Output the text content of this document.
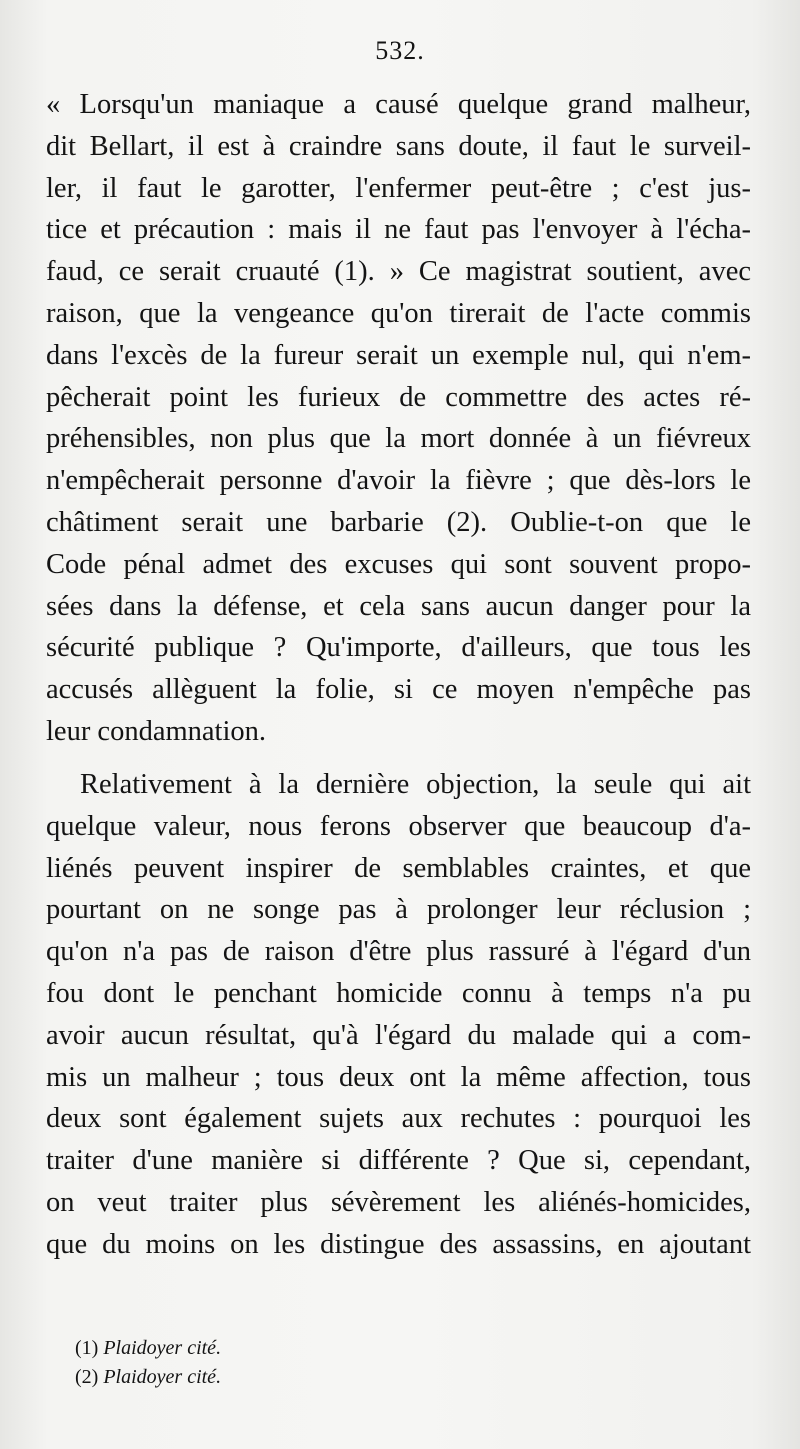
532.

« Lorsqu'un maniaque a causé quelque grand malheur,
dit Bellart, il est à craindre sans doute, il faut le surveil-
ler, il faut le garotter, l'enfermer peut-être ; c'est jus-
tice et précaution : mais il ne faut pas l'envoyer à l'écha-
faud, ce serait cruauté (1). » Ce magistrat soutient, avec
raison, que la vengeance qu'on tirerait de l'acte commis
dans l'excès de la fureur serait un exemple nul, qui n'em-
pêcherait point les furieux de commettre des actes ré-
préhensibles, non plus que la mort donnée à un fiévreux
n'empêcherait personne d'avoir la fièvre ; que dès-lors le
châtiment serait une barbarie (2). Oublie-t-on que le
Code pénal admet des excuses qui sont souvent propo-
sées dans la défense, et cela sans aucun danger pour la
sécurité publique ? Qu'importe, d'ailleurs, que tous les
accusés allèguent la folie, si ce moyen n'empêche pas
leur condamnation.

Relativement à la dernière objection, la seule qui ait
quelque valeur, nous ferons observer que beaucoup d'a-
liénés peuvent inspirer de semblables craintes, et que
pourtant on ne songe pas à prolonger leur réclusion ;
qu'on n'a pas de raison d'être plus rassuré à l'égard d'un
fou dont le penchant homicide connu à temps n'a pu
avoir aucun résultat, qu'à l'égard du malade qui a com-
mis un malheur ; tous deux ont la même affection, tous
deux sont également sujets aux rechutes : pourquoi les
traiter d'une manière si différente ? Que si, cependant,
on veut traiter plus sévèrement les aliénés-homicides,
que du moins on les distingue des assassins, en ajoutant

(1) Plaidoyer cité.
(2) Plaidoyer cité.
